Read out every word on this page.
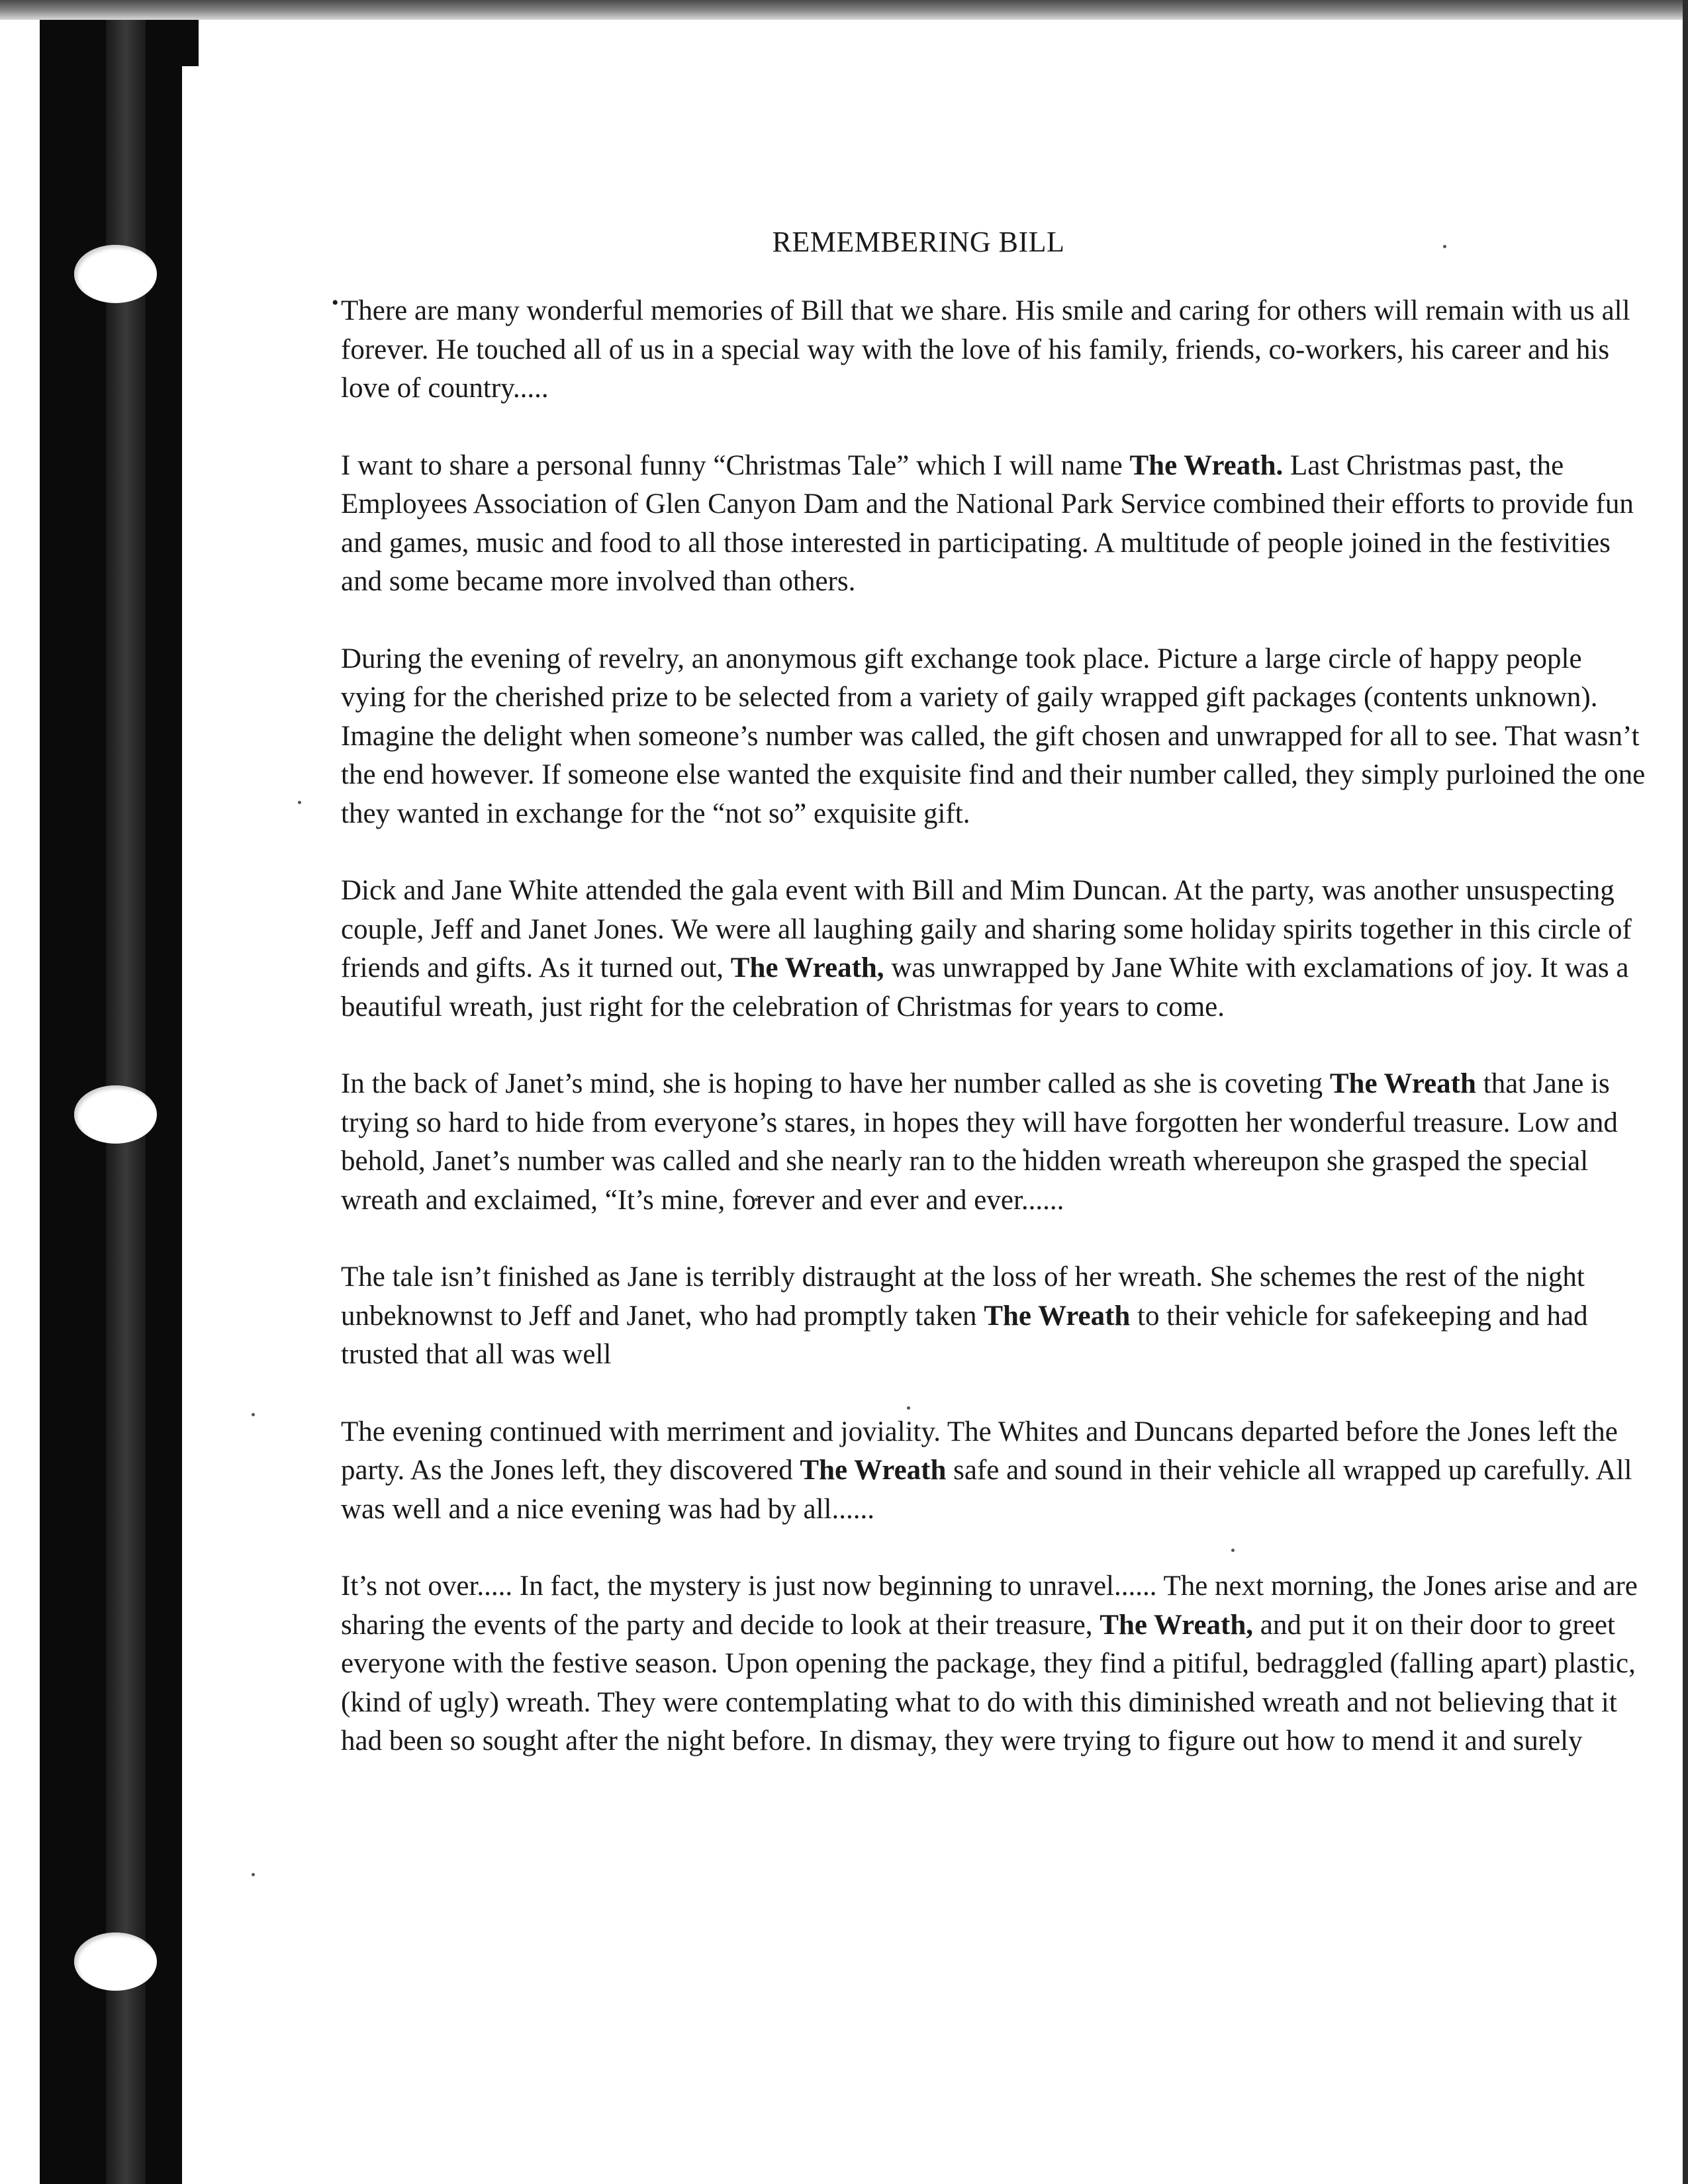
REMEMBERING BILL
• There are many wonderful memories of Bill that we share. His smile and caring for others will remain with us all forever. He touched all of us in a special way with the love of his family, friends, co-workers, his career and his love of country.....

I want to share a personal funny “Christmas Tale” which I will name The Wreath. Last Christmas past, the Employees Association of Glen Canyon Dam and the National Park Service combined their efforts to provide fun and games, music and food to all those interested in participating. A multitude of people joined in the festivities and some became more involved than others.

During the evening of revelry, an anonymous gift exchange took place. Picture a large circle of happy people vying for the cherished prize to be selected from a variety of gaily wrapped gift packages (contents unknown). Imagine the delight when someone’s number was called, the gift chosen and unwrapped for all to see. That wasn’t the end however. If someone else wanted the exquisite find and their number called, they simply purloined the one they wanted in exchange for the “not so” exquisite gift.

Dick and Jane White attended the gala event with Bill and Mim Duncan. At the party, was another unsuspecting couple, Jeff and Janet Jones. We were all laughing gaily and sharing some holiday spirits together in this circle of friends and gifts. As it turned out, The Wreath, was unwrapped by Jane White with exclamations of joy. It was a beautiful wreath, just right for the celebration of Christmas for years to come.

In the back of Janet’s mind, she is hoping to have her number called as she is coveting The Wreath that Jane is trying so hard to hide from everyone’s stares, in hopes they will have forgotten her wonderful treasure. Low and behold, Janet’s number was called and she nearly ran to the hidden wreath whereupon she grasped the special wreath and exclaimed, “It’s mine, forever and ever and ever......

The tale isn’t finished as Jane is terribly distraught at the loss of her wreath. She schemes the rest of the night unbeknownst to Jeff and Janet, who had promptly taken The Wreath to their vehicle for safekeeping and had trusted that all was well

The evening continued with merriment and joviality. The Whites and Duncans departed before the Jones left the party. As the Jones left, they discovered The Wreath safe and sound in their vehicle all wrapped up carefully. All was well and a nice evening was had by all......

It’s not over..... In fact, the mystery is just now beginning to unravel...... The next morning, the Jones arise and are sharing the events of the party and decide to look at their treasure, The Wreath, and put it on their door to greet everyone with the festive season. Upon opening the package, they find a pitiful, bedraggled (falling apart) plastic, (kind of ugly) wreath. They were contemplating what to do with this diminished wreath and not believing that it had been so sought after the night before. In dismay, they were trying to figure out how to mend it and surely
